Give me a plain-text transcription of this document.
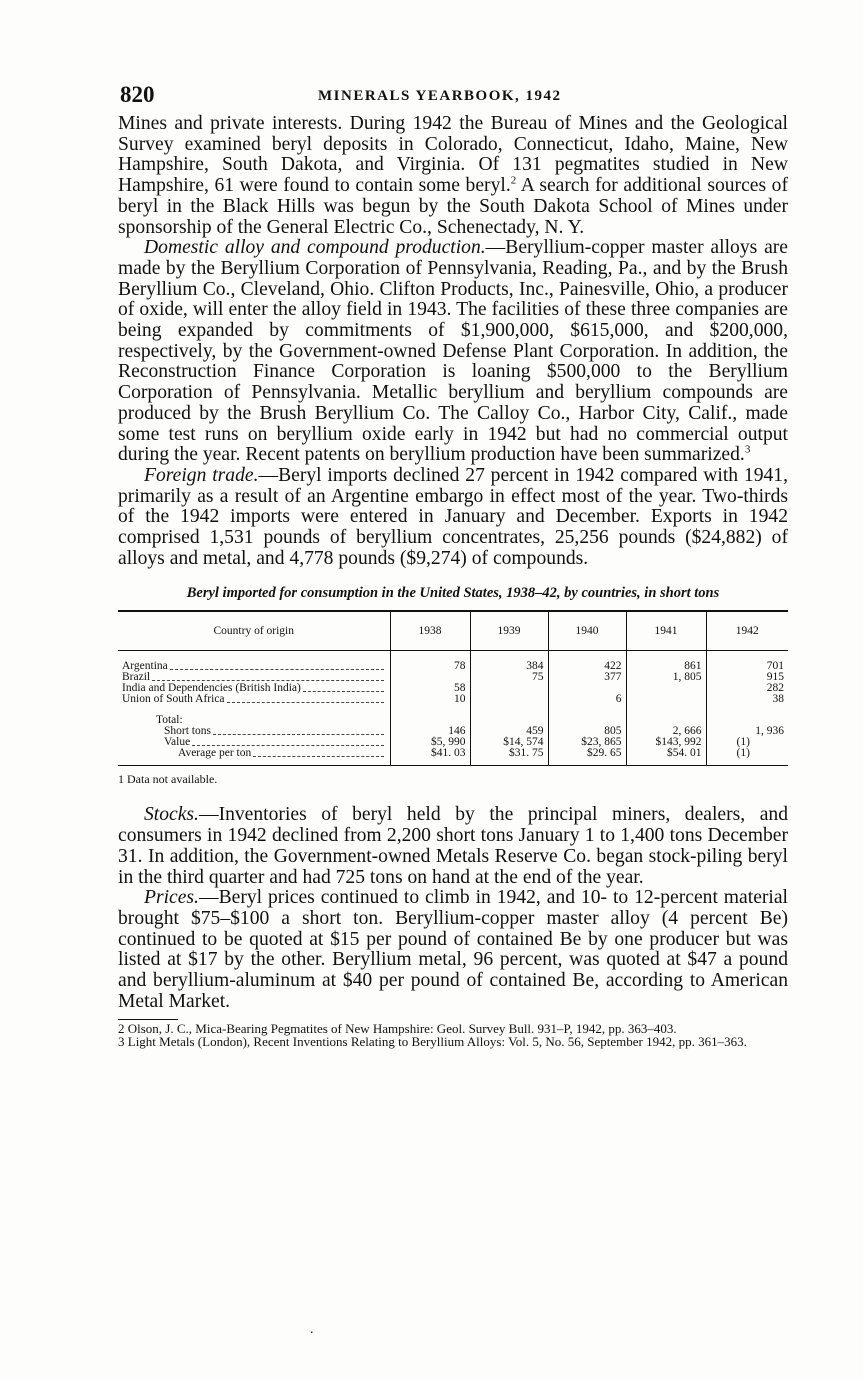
820	MINERALS YEARBOOK, 1942

Mines and private interests. During 1942 the Bureau of Mines and the Geological Survey examined beryl deposits in Colorado, Connecticut, Idaho, Maine, New Hampshire, South Dakota, and Virginia. Of 131 pegmatites studied in New Hampshire, 61 were found to contain some beryl.$^2$ A search for additional sources of beryl in the Black Hills was begun by the South Dakota School of Mines under sponsorship of the General Electric Co., Schenectady, N. Y.

Domestic alloy and compound production.—Beryllium-copper master alloys are made by the Beryllium Corporation of Pennsylvania, Reading, Pa., and by the Brush Beryllium Co., Cleveland, Ohio. Clifton Products, Inc., Painesville, Ohio, a producer of oxide, will enter the alloy field in 1943. The facilities of these three companies are being expanded by commitments of $1,900,000, $615,000, and $200,000, respectively, by the Government-owned Defense Plant Corporation. In addition, the Reconstruction Finance Corporation is loaning $500,000 to the Beryllium Corporation of Pennsylvania. Metallic beryllium and beryllium compounds are produced by the Brush Beryllium Co. The Calloy Co., Harbor City, Calif., made some test runs on beryllium oxide early in 1942 but had no commercial output during the year. Recent patents on beryllium production have been summarized.$^3$

Foreign trade.—Beryl imports declined 27 percent in 1942 compared with 1941, primarily as a result of an Argentine embargo in effect most of the year. Two-thirds of the 1942 imports were entered in January and December. Exports in 1942 comprised 1,531 pounds of beryllium concentrates, 25,256 pounds ($24,882) of alloys and metal, and 4,778 pounds ($9,274) of compounds.

Beryl imported for consumption in the United States, 1938–42, by countries, in short tons
Country of origin	1938	1939	1940	1941	1942

Argentina	78	384	422	861	701

Brazil		75	377	1, 805	915

India and Dependencies (British India)	58				282

Union of South Africa	10		6		38

Total:					

Short tons	146	459	805	2, 666	1, 936

Value	$5, 990	$14, 574	$23, 865	$143, 992	(1)

Average per ton	$41. 03	$31. 75	$29. 65	$54. 01	(1)
1 Data not available.

Stocks.—Inventories of beryl held by the principal miners, dealers, and consumers in 1942 declined from 2,200 short tons January 1 to 1,400 tons December 31. In addition, the Government-owned Metals Reserve Co. began stock-piling beryl in the third quarter and had 725 tons on hand at the end of the year.

Prices.—Beryl prices continued to climb in 1942, and 10- to 12-percent material brought $75–$100 a short ton. Beryllium-copper master alloy (4 percent Be) continued to be quoted at $15 per pound of contained Be by one producer but was listed at $17 by the other. Beryllium metal, 96 percent, was quoted at $47 a pound and beryllium-aluminum at $40 per pound of contained Be, according to American Metal Market.

2 Olson, J. C., Mica-Bearing Pegmatites of New Hampshire: Geol. Survey Bull. 931–P, 1942, pp. 363–403.

3 Light Metals (London), Recent Inventions Relating to Beryllium Alloys: Vol. 5, No. 56, September 1942, pp. 361–363.

.
